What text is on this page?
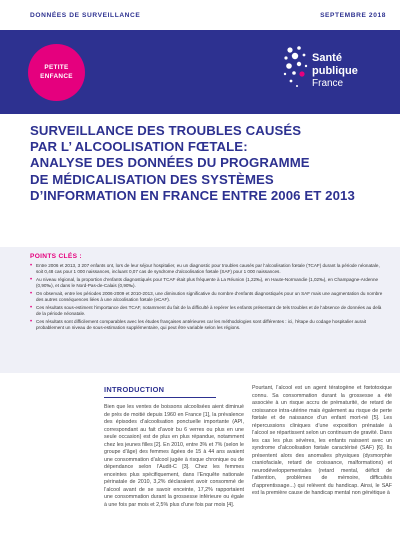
DONNÉES DE SURVEILLANCE	SEPTEMBRE 2018
PETITE
ENFANCE
Santé
publique
France
SURVEILLANCE DES TROUBLES CAUSÉS
PAR L’ ALCOOLISATION FŒTALE:
ANALYSE DES DONNÉES DU PROGRAMME
DE MÉDICALISATION DES SYSTÈMES
D’INFORMATION EN FRANCE ENTRE 2006 ET 2013
POINTS CLÉS :
• Entre 2006 et 2013, 3 207 enfants ont, lors de leur séjour hospitalier, eu un diagnostic pour troubles causés par l’alcoolisation fœtale (TCAF) durant la période néonatale, soit 0,48 cas pour 1 000 naissances, incluant 0,07 cas de syndrome d’alcoolisation fœtale (SAF) pour 1 000 naissances.
• Au niveau régional, la proportion d’enfants diagnostiqués pour TCAF était plus fréquente à La Réunion (1,22‰), en Haute-Normandie (1,02‰), en Champagne-Ardenne (0,90‰), et dans le Nord-Pas-de-Calais (0,90‰).
• On observait, entre les périodes 2006-2009 et 2010-2013, une diminution significative du nombre d’enfants diagnostiqués pour un SAF mais une augmentation du nombre des autres conséquences liées à une alcoolisation fœtale (eCAF).
• Ces résultats sous-estiment l’importance des TCAF, notamment du fait de la difficulté à repérer les enfants présentant de tels troubles et de l’absence de données au delà de la période néonatale.
• Ces résultats sont difficilement comparables avec les études françaises antérieures car les méthodologies sont différentes : ici, l’étape du codage hospitalier aurait probablement un niveau de sous-estimation supplémentaire, qui peut être variable selon les régions.
INTRODUCTION

Bien que les ventes de boissons alcoolisées aient diminué de près de moitié depuis 1960 en France [1], la prévalence des épisodes d’alcoolisation ponctuelle importante (API, correspondant au fait d’avoir bu 6 verres ou plus en une seule occasion) est de plus en plus répandue, notamment chez les jeunes filles [2]. En 2010, entre 3% et 7% (selon le groupe d’âge) des femmes âgées de 15 à 44 ans avaient une consommation d’alcool jugée à risque chronique ou de dépendance selon l’Audit-C [3]. Chez les femmes enceintes plus spécifiquement, dans l’Enquête nationale périnatale de 2010, 3,2% déclaraient avoir consommé de l’alcool avant de se savoir enceinte, 17,2% rapportaient une consommation durant la grossesse inférieure ou égale à une fois par mois et 2,5% plus d’une fois par mois [4].

Pourtant, l’alcool est un agent tératogène et fœtotoxique connu. Sa consommation durant la grossesse a été associée à un risque accru de prématurité, de retard de croissance intra-utérine mais également au risque de perte fœtale et de naissance d’un enfant mort-né [5]. Les répercussions cliniques d’une exposition prénatale à l’alcool se répartissent selon un continuum de gravité. Dans les cas les plus sévères, les enfants naissent avec un syndrome d’alcoolisation fœtale caractérisé (SAF) [6]. Ils présentent alors des anomalies physiques (dysmorphie craniofaciale, retard de croissance, malformations) et neurodéveloppementales (retard mental, déficit de l’attention, problèmes de mémoire, difficultés d’apprentissage...) qui relèvent du handicap. Ainsi, le SAF est la première cause de handicap mental non génétique à
